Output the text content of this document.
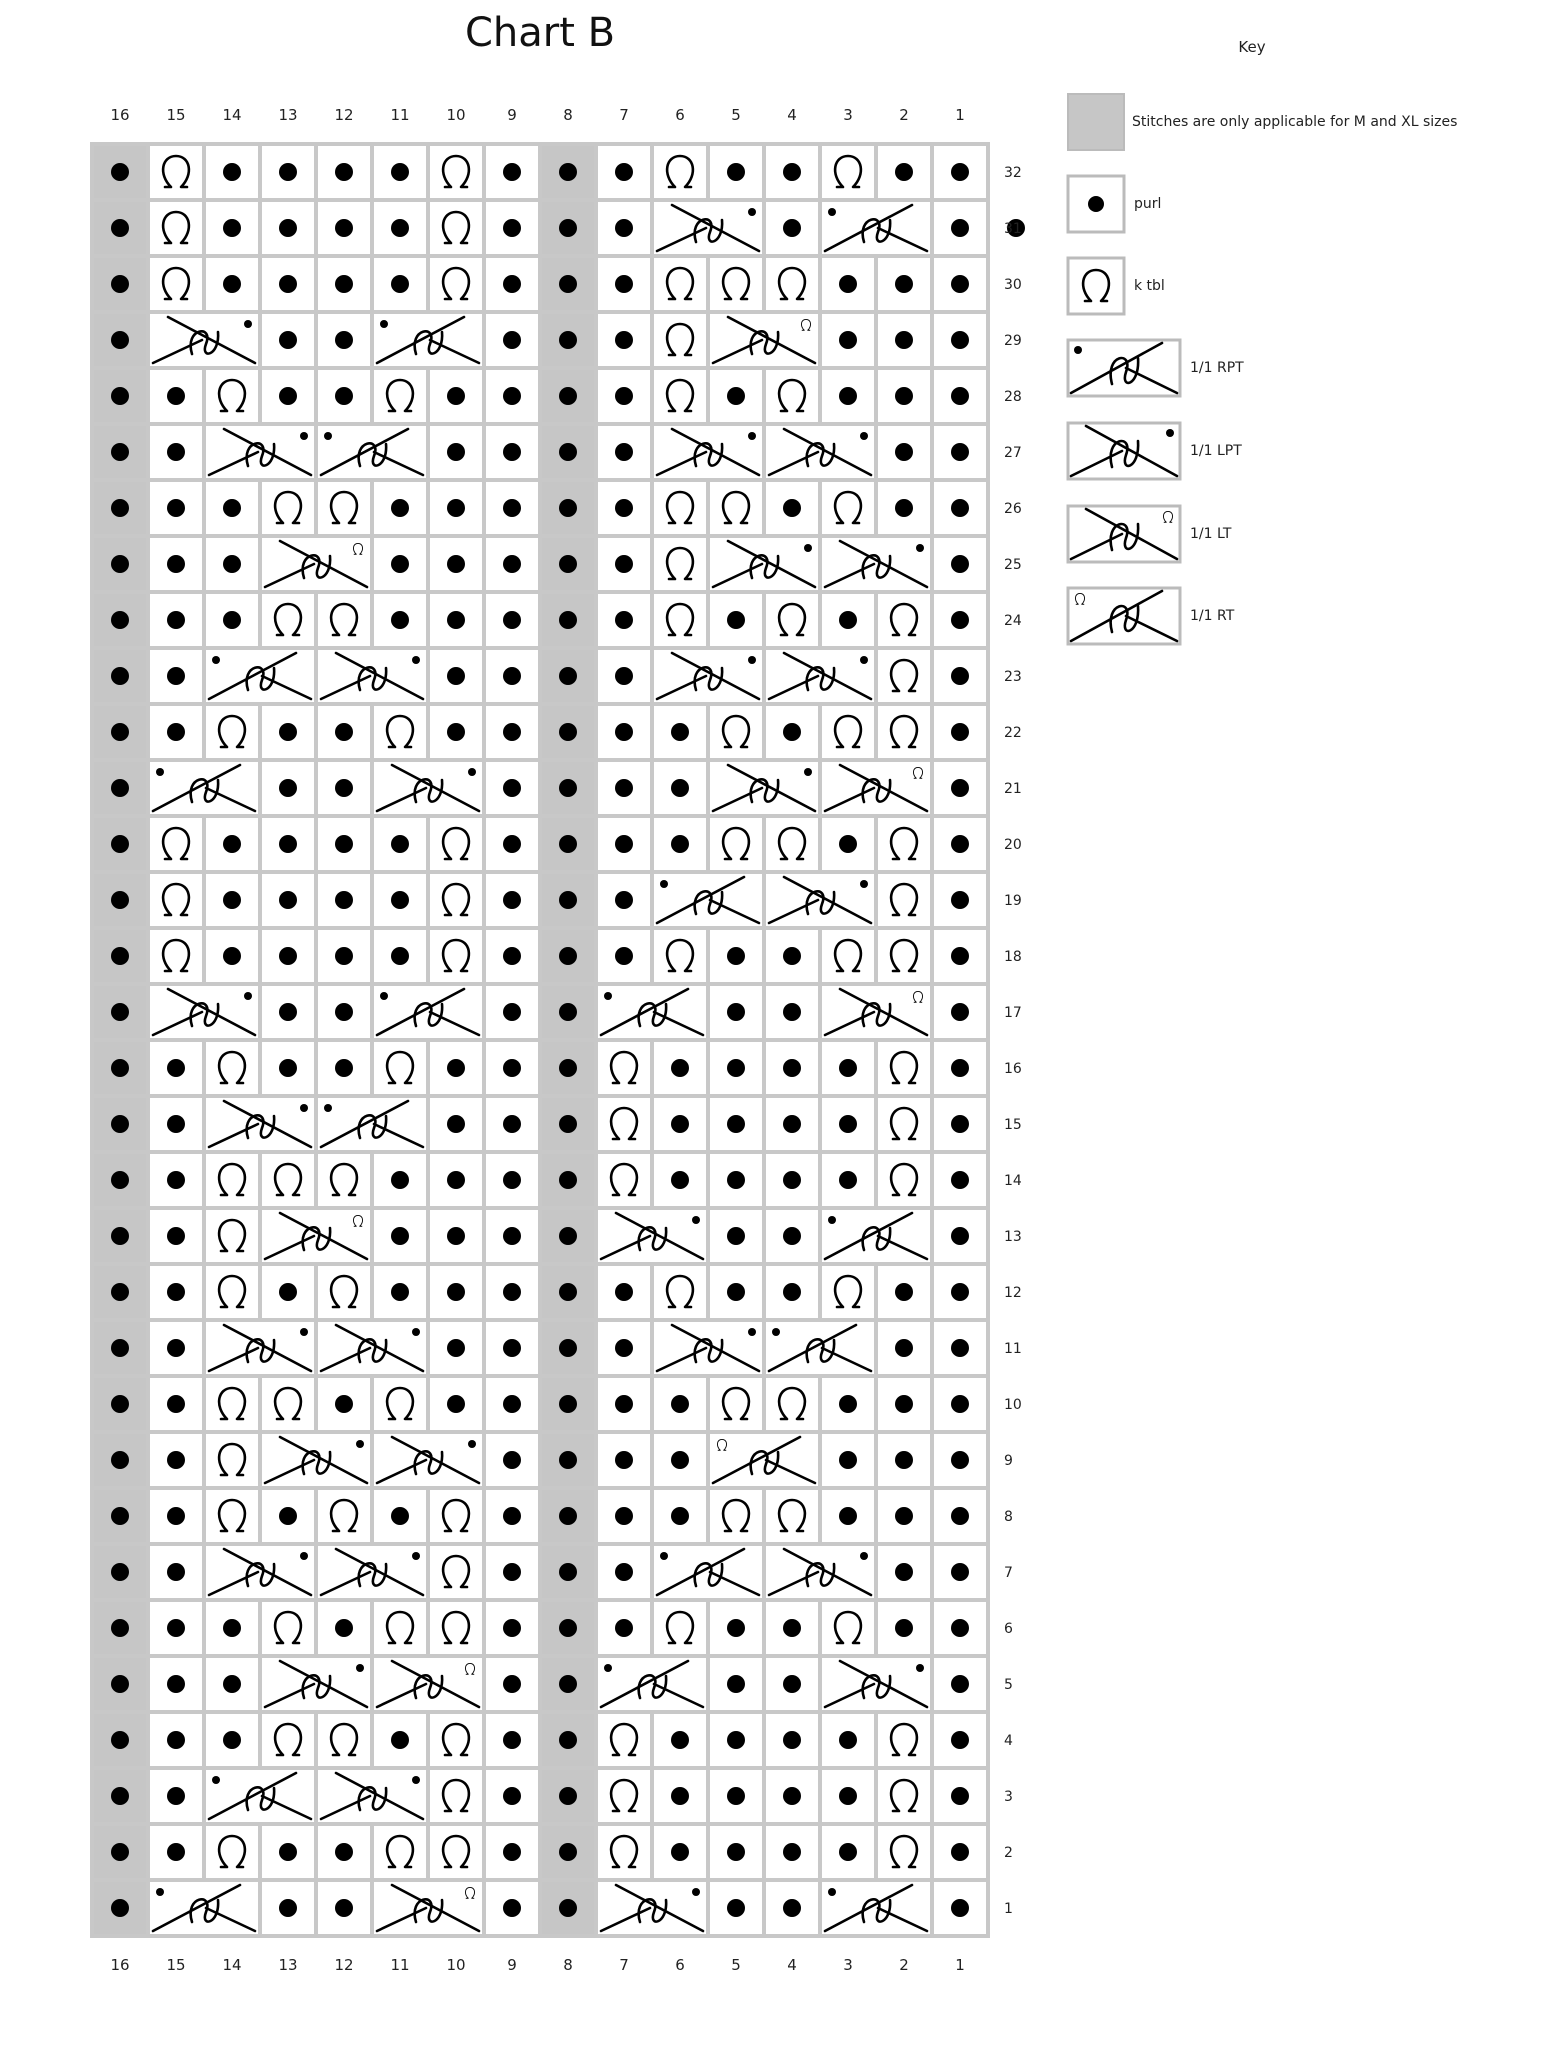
Chart B
16
16
15
15
14
14
13
13
12
12
11
11
10
10
9
9
8
8
7
7
6
6
5
5
4
4
3
3
2
2
1
1
32
31
30
29
28
27
26
25
24
23
22
21
20
19
18
17
16
15
14
13
12
11
10
9
8
7
6
5
4
3
2
1
Key
Stitches are only applicable for M and XL sizes
purl
k tbl
1/1 RPT
1/1 LPT
1/1 LT
1/1 RT
